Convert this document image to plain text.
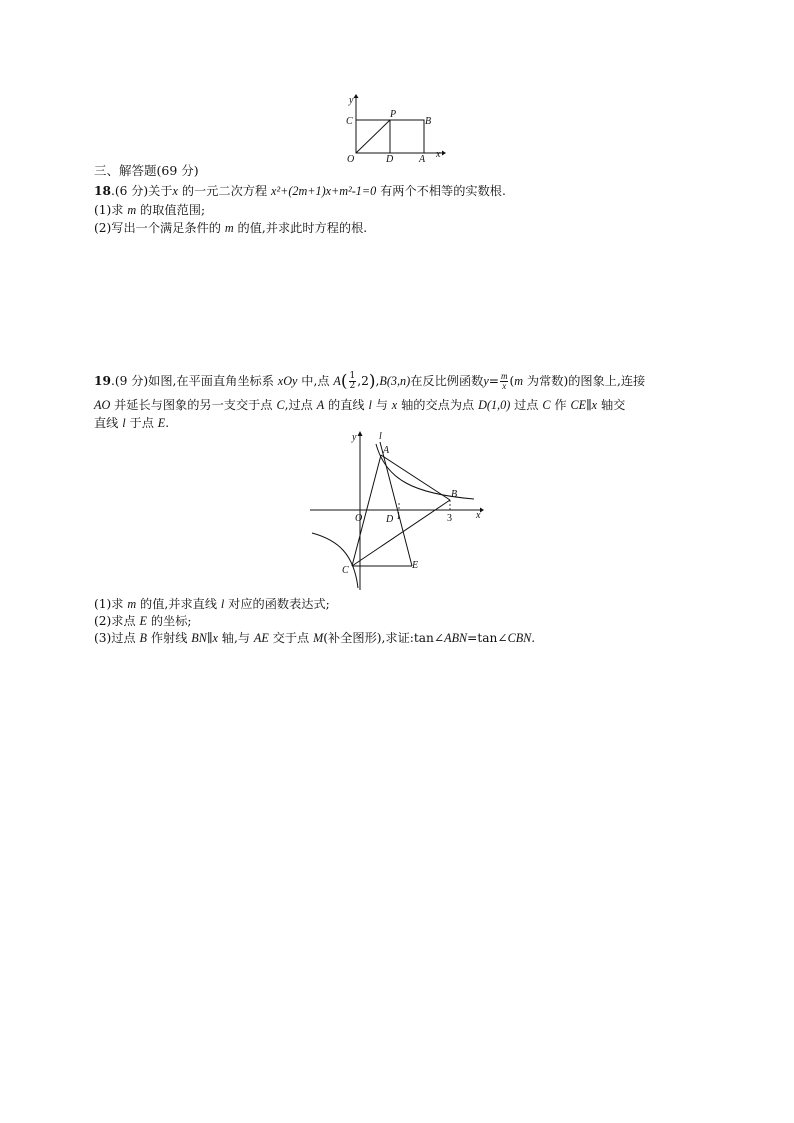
y
C
P
B
O	D	A x
三、解答题(69 分)
18.(6 分)关于x 的一元二次方程 x²+(2m+1)x+m²-1=0 有两个不相等的实数根.
(1)求 m 的取值范围;
(2)写出一个满足条件的 m 的值,并求此时方程的根.
19.(9 分)如图,在平面直角坐标系 xOy 中,点 $A( \frac{1}{2} ,2),B(3,n)$在反比例函数$y= \frac{m}{x} (m$ 为常数)的图象上,连接
AO 并延长与图象的另一支交于点 C,过点 A 的直线 l 与 x 轴的交点为点 D(1,0) 过点 C 作 CE∥x 轴交
直线 l 于点 E.
y l
A
B
O D 1	3 x
C	E
(1)求 m 的值,并求直线 l 对应的函数表达式;
(2)求点 E 的坐标;
(3)过点 B 作射线 BN∥x 轴,与 AE 交于点 M(补全图形),求证:tan∠ABN=tan∠CBN.
